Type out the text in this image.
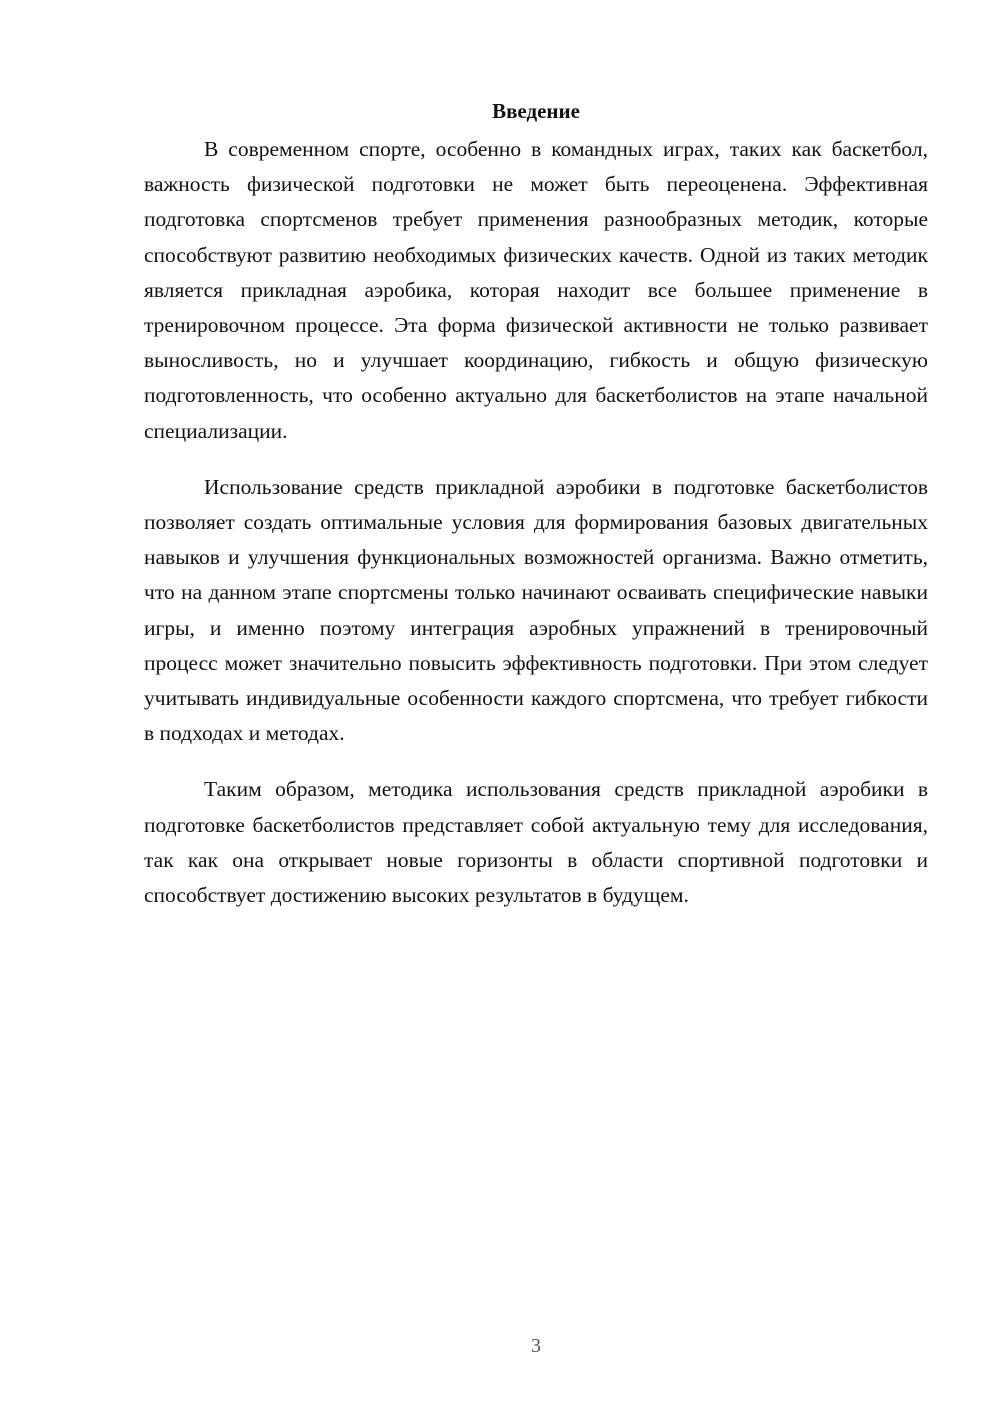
Введение

В современном спорте, особенно в командных играх, таких как баскетбол, важность физической подготовки не может быть переоценена. Эффективная подготовка спортсменов требует применения разнообразных методик, которые способствуют развитию необходимых физических качеств. Одной из таких методик является прикладная аэробика, которая находит все большее применение в тренировочном процессе. Эта форма физической активности не только развивает выносливость, но и улучшает координацию, гибкость и общую физическую подготовленность, что особенно актуально для баскетболистов на этапе начальной специализации.

Использование средств прикладной аэробики в подготовке баскетболистов позволяет создать оптимальные условия для формирования базовых двигательных навыков и улучшения функциональных возможностей организма. Важно отметить, что на данном этапе спортсмены только начинают осваивать специфические навыки игры, и именно поэтому интеграция аэробных упражнений в тренировочный процесс может значительно повысить эффективность подготовки. При этом следует учитывать индивидуальные особенности каждого спортсмена, что требует гибкости в подходах и методах.

Таким образом, методика использования средств прикладной аэробики в подготовке баскетболистов представляет собой актуальную тему для исследования, так как она открывает новые горизонты в области спортивной подготовки и способствует достижению высоких результатов в будущем.

3
